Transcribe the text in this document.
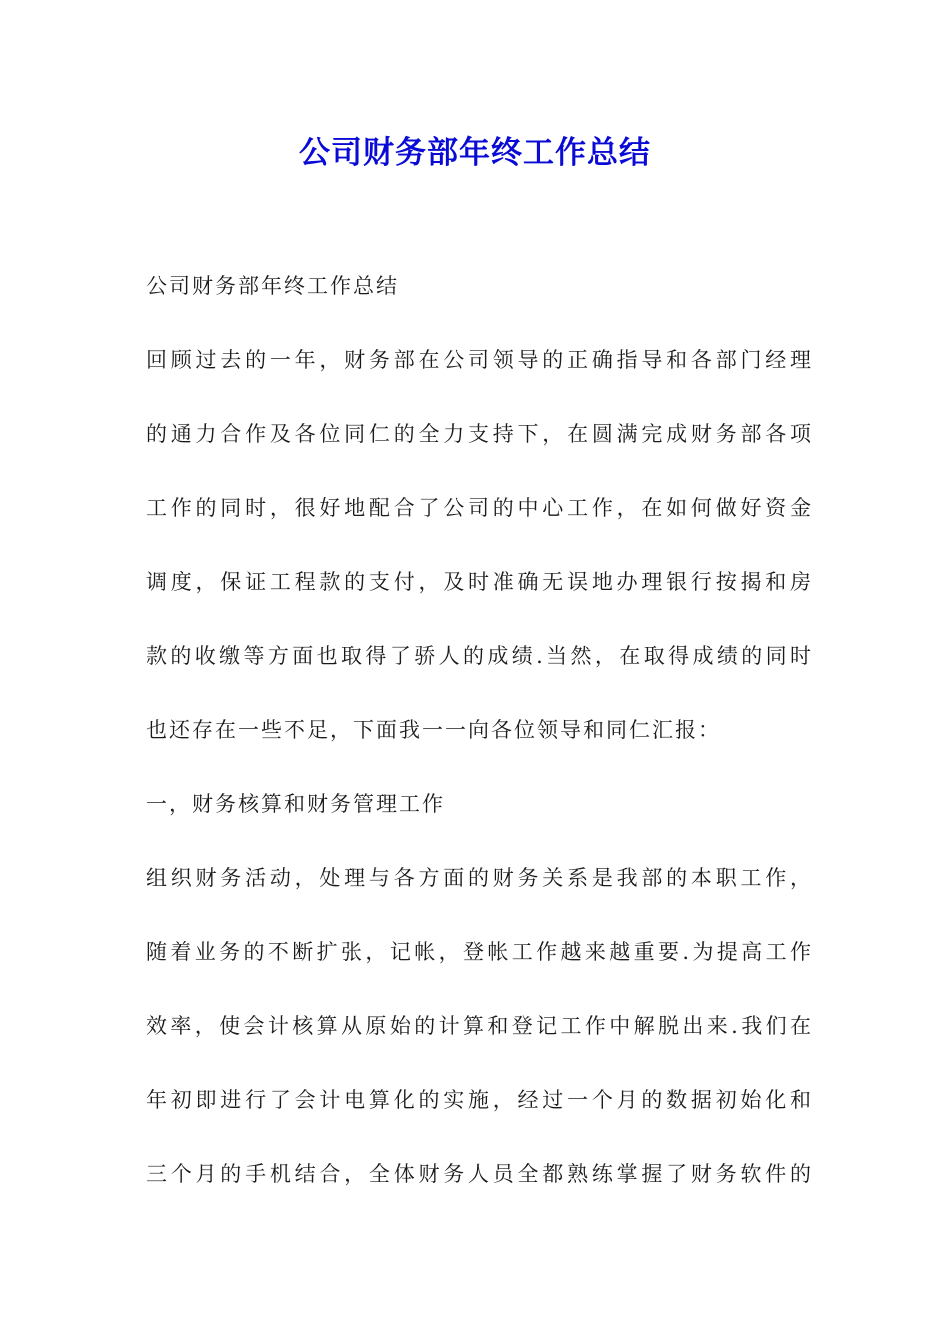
公司财务部年终工作总结
公司财务部年终工作总结
回顾过去的一年，财务部在公司领导的正确指导和各部门经理
的通力合作及各位同仁的全力支持下，在圆满完成财务部各项
工作的同时，很好地配合了公司的中心工作，在如何做好资金
调度，保证工程款的支付，及时准确无误地办理银行按揭和房
款的收缴等方面也取得了骄人的成绩.当然，在取得成绩的同时
也还存在一些不足，下面我一一向各位领导和同仁汇报：
一，财务核算和财务管理工作
组织财务活动，处理与各方面的财务关系是我部的本职工作，
随着业务的不断扩张，记帐，登帐工作越来越重要.为提高工作
效率，使会计核算从原始的计算和登记工作中解脱出来.我们在
年初即进行了会计电算化的实施，经过一个月的数据初始化和
三个月的手机结合，全体财务人员全都熟练掌握了财务软件的
